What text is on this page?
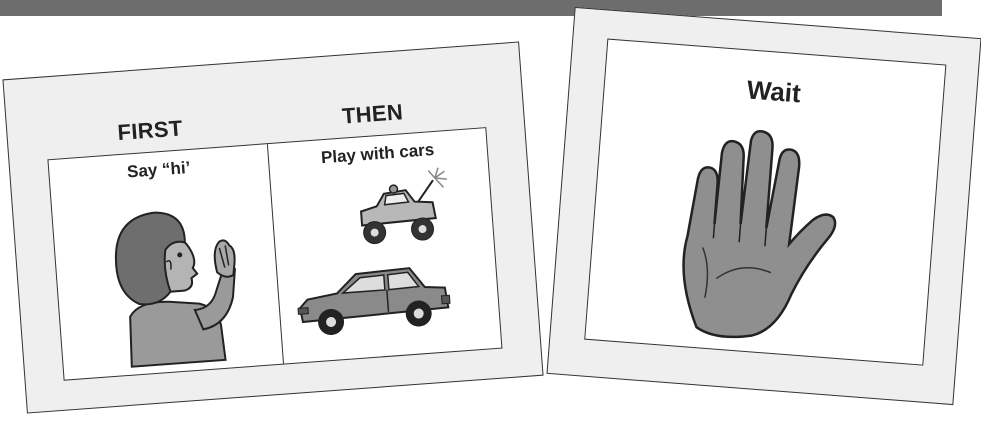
FIRST
THEN
Say “hi’
Play with cars
Wait
